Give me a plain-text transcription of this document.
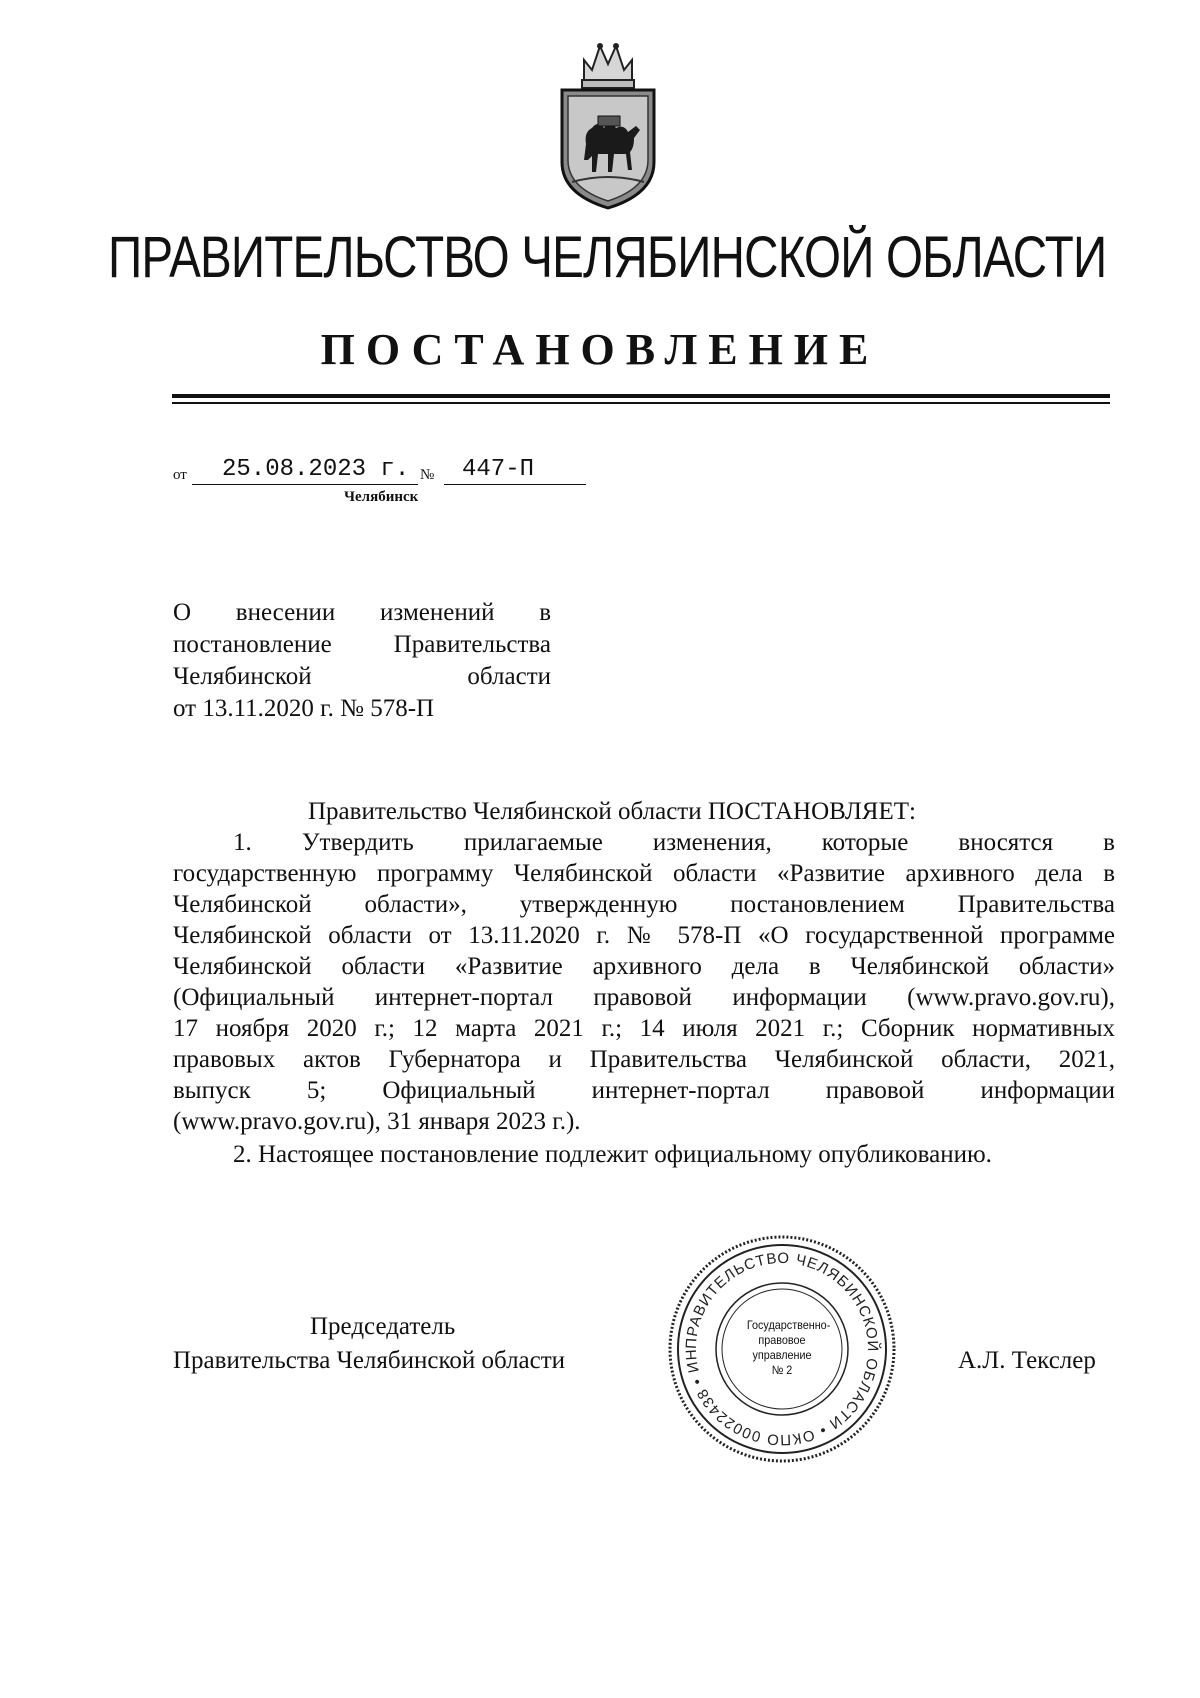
ПРАВИТЕЛЬСТВО ЧЕЛЯБИНСКОЙ ОБЛАСТИ
ПОСТАНОВЛЕНИЕ
от 25.08.2023 г. № 447-П
Челябинск
О внесении изменений в
постановление Правительства
Челябинской области
от 13.11.2020 г. № 578-П
Правительство Челябинской области ПОСТАНОВЛЯЕТ:
1. Утвердить прилагаемые изменения, которые вносятся в
государственную программу Челябинской области «Развитие архивного дела в
Челябинской области», утвержденную постановлением Правительства
Челябинской области от 13.11.2020 г. № 578-П «О государственной программе
Челябинской области «Развитие архивного дела в Челябинской области»
(Официальный интернет-портал правовой информации (www.pravo.gov.ru),
17 ноября 2020 г.; 12 марта 2021 г.; 14 июля 2021 г.; Сборник нормативных
правовых актов Губернатора и Правительства Челябинской области, 2021,
выпуск 5; Официальный интернет-портал правовой информации
(www.pravo.gov.ru), 31 января 2023 г.).
2. Настоящее постановление подлежит официальному опубликованию.
Председатель
Правительства Челябинской области	А.Л. Текслер
ПРАВИТЕЛЬСТВО ЧЕЛЯБИНСКОЙ ОБЛАСТИ • ОКПО 00022438 • ИН
Государственно-
правовое
управление
№ 2
